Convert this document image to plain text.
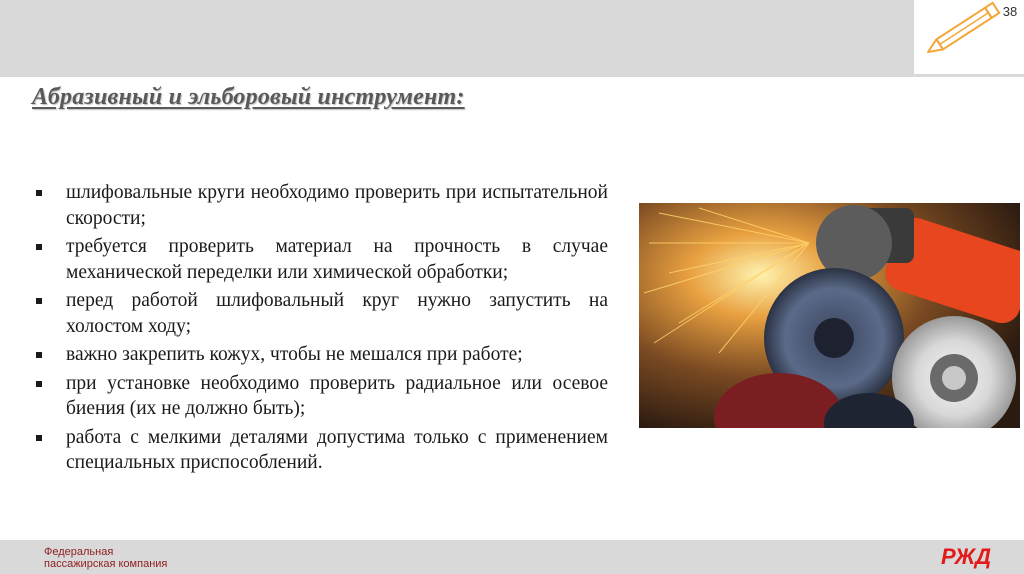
38
Абразивный и эльборовый инструмент:
шлифовальные круги необходимо проверить при испытательной скорости;
требуется проверить материал на прочность в случае механической переделки или химической обработки;
перед работой шлифовальный круг нужно запустить на холостом ходу;
важно закрепить кожух, чтобы не мешался при работе;
при установке необходимо проверить радиальное или осевое биения (их не должно быть);
работа с мелкими деталями допустима только с применением специальных приспособлений.
Федеральная
пассажирская компания	РЖД
